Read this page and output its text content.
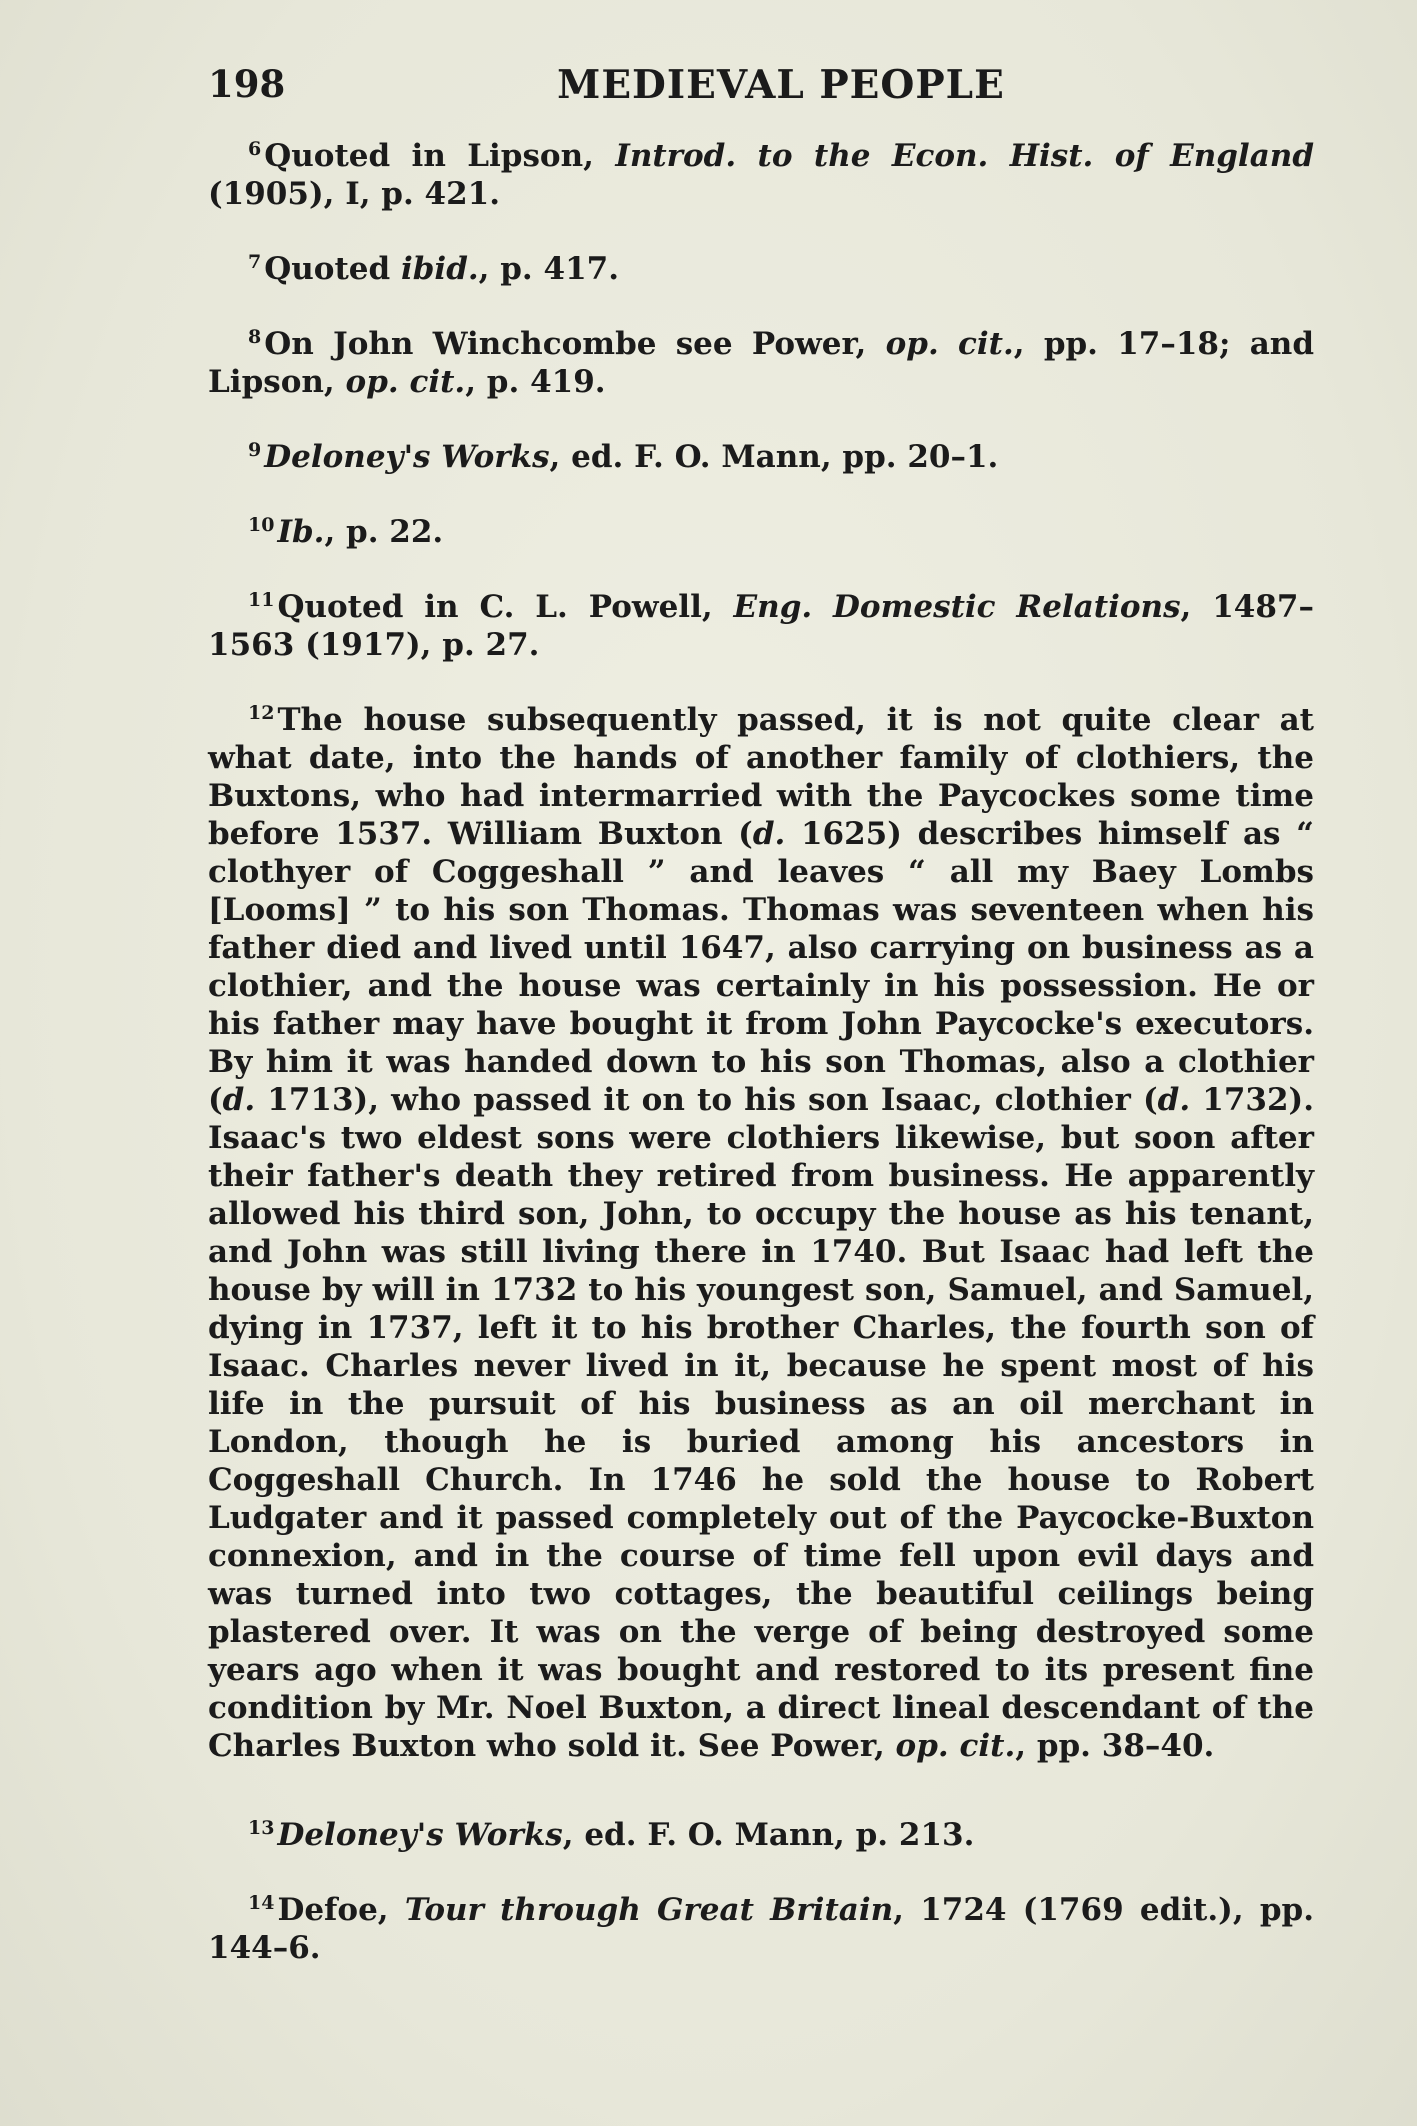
198	MEDIEVAL PEOPLE

$^6$Quoted in Lipson, Introd. to the Econ. Hist. of England (1905), I, p. 421.

$^7$Quoted ibid., p. 417.

$^8$On John Winchcombe see Power, op. cit., pp. 17–18; and Lipson, op. cit., p. 419.

$^9$Deloney's Works, ed. F. O. Mann, pp. 20–1.

$^{10}$Ib., p. 22.

$^{11}$Quoted in C. L. Powell, Eng. Domestic Relations, 1487–1563 (1917), p. 27.

$^{12}$The house subsequently passed, it is not quite clear at what date, into the hands of another family of clothiers, the Buxtons, who had intermarried with the Paycockes some time before 1537. William Buxton (d. 1625) describes himself as “ clothyer of Coggeshall ” and leaves “ all my Baey Lombs [Looms] ” to his son Thomas. Thomas was seventeen when his father died and lived until 1647, also carrying on business as a clothier, and the house was certainly in his possession. He or his father may have bought it from John Paycocke's executors. By him it was handed down to his son Thomas, also a clothier (d. 1713), who passed it on to his son Isaac, clothier (d. 1732). Isaac's two eldest sons were clothiers likewise, but soon after their father's death they retired from business. He apparently allowed his third son, John, to occupy the house as his tenant, and John was still living there in 1740. But Isaac had left the house by will in 1732 to his youngest son, Samuel, and Samuel, dying in 1737, left it to his brother Charles, the fourth son of Isaac. Charles never lived in it, because he spent most of his life in the pursuit of his business as an oil merchant in London, though he is buried among his ancestors in Coggeshall Church. In 1746 he sold the house to Robert Ludgater and it passed completely out of the Paycocke-Buxton connexion, and in the course of time fell upon evil days and was turned into two cottages, the beautiful ceilings being plastered over. It was on the verge of being destroyed some years ago when it was bought and restored to its present fine condition by Mr. Noel Buxton, a direct lineal descendant of the Charles Buxton who sold it. See Power, op. cit., pp. 38–40.

$^{13}$Deloney's Works, ed. F. O. Mann, p. 213.

$^{14}$Defoe, Tour through Great Britain, 1724 (1769 edit.), pp. 144–6.
